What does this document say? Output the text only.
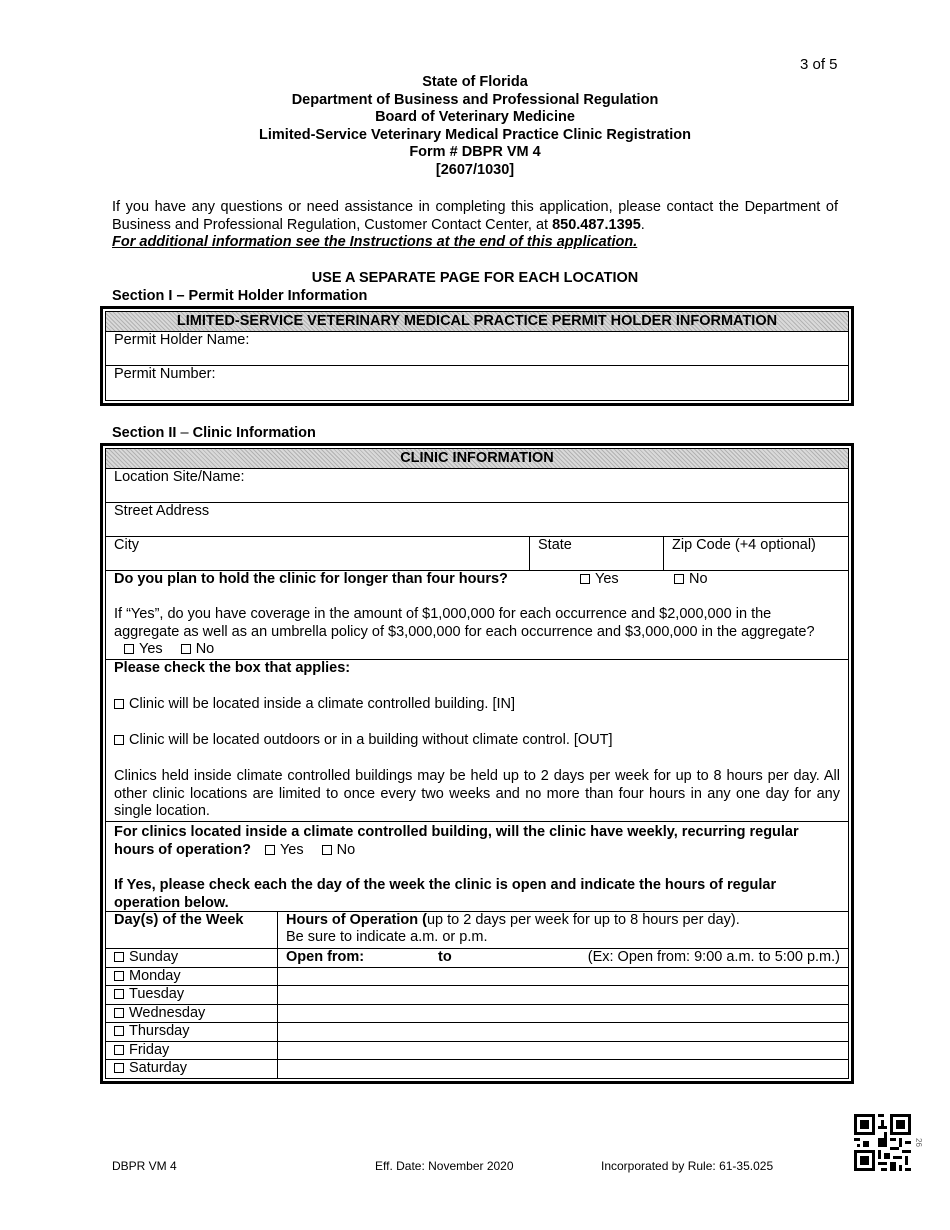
3 of 5
State of Florida
Department of Business and Professional Regulation
Board of Veterinary Medicine
Limited-Service Veterinary Medical Practice Clinic Registration
Form # DBPR VM 4
[2607/1030]
If you have any questions or need assistance in completing this application, please contact the Department of Business and Professional Regulation, Customer Contact Center, at 850.487.1395.
For additional information see the Instructions at the end of this application.
USE A SEPARATE PAGE FOR EACH LOCATION
Section I – Permit Holder Information
LIMITED-SERVICE VETERINARY MEDICAL PRACTICE PERMIT HOLDER INFORMATION
Permit Holder Name:
Permit Number:
Section II – Clinic Information
CLINIC INFORMATION
Location Site/Name:
Street Address
City	State	Zip Code (+4 optional)
Do you plan to hold the clinic for longer than four hours?	Yes	No
If “Yes”, do you have coverage in the amount of $1,000,000 for each occurrence and $2,000,000 in the aggregate as well as an umbrella policy of $3,000,000 for each occurrence and $3,000,000 in the aggregate? Yes No
Please check the box that applies:
Clinic will be located inside a climate controlled building. [IN]
Clinic will be located outdoors or in a building without climate control. [OUT]
Clinics held inside climate controlled buildings may be held up to 2 days per week for up to 8 hours per day. All other clinic locations are limited to once every two weeks and no more than four hours in any one day for any single location.
For clinics located inside a climate controlled building, will the clinic have weekly, recurring regular hours of operation? Yes No
If Yes, please check each the day of the week the clinic is open and indicate the hours of regular operation below.
Day(s) of the Week	Hours of Operation (up to 2 days per week for up to 8 hours per day).
Be sure to indicate a.m. or p.m.
Sunday	Open from: to (Ex: Open from: 9:00 a.m. to 5:00 p.m.)

Monday	
Tuesday	
Wednesday	
Thursday	
Friday	
Saturday	
26
DBPR VM 4	Eff. Date: November 2020	Incorporated by Rule: 61-35.025
